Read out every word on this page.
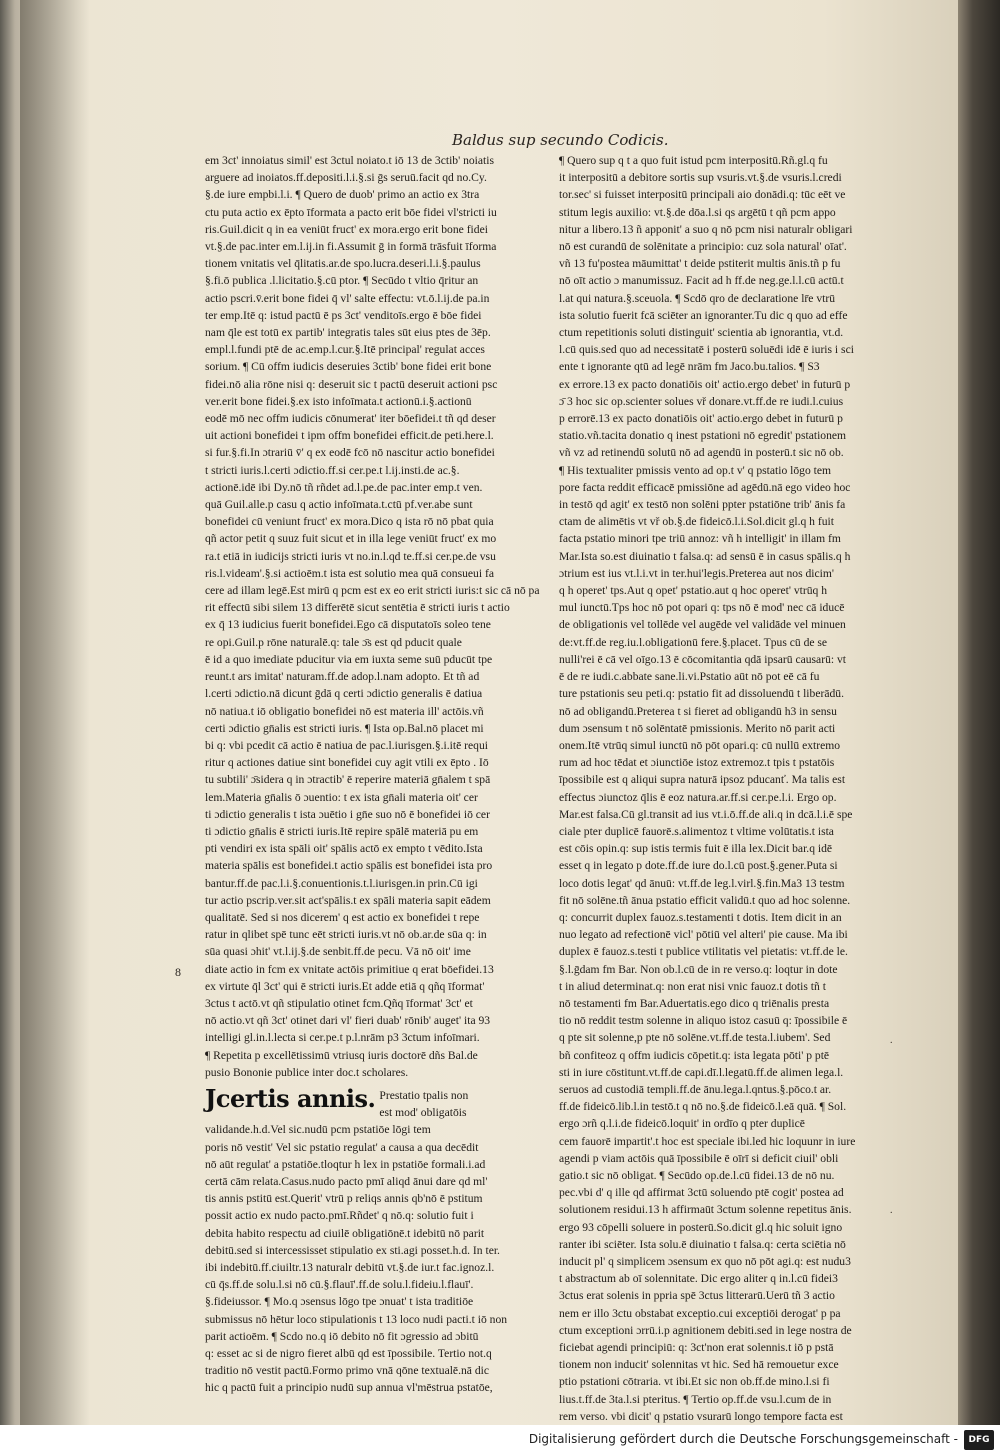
Baldus sup secundo Codicis.
em 3ct' innoiatus simil' est 3ctul noiato.t iō 13 de 3ctib' noiatis
arguere ad inoiatos.ff.depositi.l.i.§.si ḡs seruū.facit qd no.Cy.
§.de iure empbi.l.i. ¶ Quero de duob' primo an actio ex 3tra
ctu puta actio ex ēpto īformata a pacto erit bōe fidei vl'stricti iu
ris.Guil.dicit q in ea veniūt fruct' ex mora.ergo erit bone fidei
vt.§.de pac.inter em.l.ij.in fi.Assumit ḡ in formā trāsfuit īforma
tionem vnitatis vel q̄litatis.ar.de spo.lucra.deseri.l.i.§.paulus
§.fi.ō publica .l.licitatio.§.cū ptor. ¶ Secūdo t vltio q̄ritur an
actio pscri.v̄.erit bone fidei q̄ vl' salte effectu: vt.ō.l.ij.de pa.in
ter emp.Itē q: istud pactū ē ps 3ct' venditoīs.ergo ē bōe fidei
nam q̄le est totū ex partib' integratis tales sūt eius ptes de 3ēp.
empl.l.fundi ptē de ac.emp.l.cur.§.Itē principal' regulat acces
sorium. ¶ Cū offm iudicis deseruies 3ctib' bone fidei erit bone
fidei.nō alia rōne nisi q: deseruit sic t pactū deseruit actioni psc
ver.erit bone fidei.§.ex isto infoīmata.t actionū.i.§.actionū
eodē mō nec offm iudicis cōnumerat' iter bōefidei.t tñ qd deser
uit actioni bonefidei t ipm offm bonefidei efficit.de peti.here.l.
si fur.§.fi.In ɔtrariū v̄' q ex eodē fcō nō nascitur actio bonefidei
t stricti iuris.l.certi ɔdictio.ff.si cer.pe.t l.ij.insti.de ac.§.
actionē.idē ibi Dy.nō tñ rñdet ad.l.pe.de pac.inter emp.t ven.
quā Guil.alle.p casu q actio infoīmata.t.ctū pf.ver.abe sunt
bonefidei cū veniunt fruct' ex mora.Dico q ista rō nō pbat quia
qñ actor petit q suuz fuit sicut et in illa lege veniūt fruct' ex mo
ra.t etiā in iudicijs stricti iuris vt no.in.l.qd te.ff.si cer.pe.de vsu
ris.l.videam'.§.si actioēm.t ista est solutio mea quā consueui fa
cere ad illam legē.Est mirū q pcm est ex eo erit stricti iuris:t sic cā nō pa
rit effectū sibi silem 13 differētē sicut sentētia ē stricti iuris t actio
ex q̄ 13 iudicius fuerit bonefidei.Ego cā disputatoīs soleo tene
re opi.Guil.p rōne naturalē.q: tale ɔ̄s est qd pducit quale
ē id a quo imediate pducitur via em iuxta seme suū pducūt tpe
reunt.t ars imitat' naturam.ff.de adop.l.nam adopto. Et tñ ad
l.certi ɔdictio.nā dicunt ḡdā q certi ɔdictio generalis ē datiua
nō natiua.t iō obligatio bonefidei nō est materia ill' actōis.vñ
certi ɔdictio gn̄alis est stricti iuris. ¶ Ista op.Bal.nō placet mi
bi q: vbi pcedit cā actio ē natiua de pac.l.iurisgen.§.i.itē requi
ritur q actiones datiue sint bonefidei cuy agit vtili ex ēpto . Iō
tu subtili' ɔ̄sidera q in ɔtractib' ē reperire materiā gn̄alem t spā
lem.Materia gn̄alis ō ɔuentio: t ex ista gn̄ali materia oit' cer
ti ɔdictio generalis t ista ɔuētio i gn̄e suo nō ē bonefidei iō cer
ti ɔdictio gn̄alis ē stricti iuris.Itē repire spālē materiā pu em
pti vendiri ex ista spāli oit' spālis actō ex empto t vēdito.Ista
materia spālis est bonefidei.t actio spālis est bonefidei ista pro
bantur.ff.de pac.l.i.§.conuentionis.t.l.iurisgen.in prin.Cū igi
tur actio pscrip.ver.sit act'spālis.t ex spāli materia sapit eādem
qualitatē. Sed si nos dicerem' q est actio ex bonefidei t repe
ratur in qlibet spē tunc eēt stricti iuris.vt nō ob.ar.de sūa q: in
sūa quasi ɔhit' vt.l.ij.§.de senbit.ff.de pecu. Vā nō oit' ime
diate actio in fcm ex vnitate actōis primitiue q erat bōefidei.13
ex virtute q̄l 3ct' qui ē stricti iuris.Et adde etiā q qñq īformat'
3ctus t actō.vt qñ stipulatio otinet fcm.Qñq īformat' 3ct' et
nō actio.vt qñ 3ct' otinet dari vl' fieri duab' rōnib' auget' ita 93
intelligi gl.in.l.lecta si cer.pe.t p.l.nrām p3 3ctum infoīmari.
¶ Repetita p excellētissimū vtriusq iuris doctorē dñs Bal.de
pusio Bononie publice inter doc.t scholares.
Jcertis annis. Prestatio tpalis non
est mod' obligatōis
validande.h.d.Vel sic.nudū pcm pstatiōe lōgi tem
poris nō vestit' Vel sic pstatio regulat' a causa a qua decēdit
nō aūt regulat' a pstatiōe.tloqtur h lex in pstatiōe formali.i.ad
certā cām relata.Casus.nudo pacto pmī aliqd ānui dare qd ml'
tis annis pstitū est.Querit' vtrū p reliqs annis qb'nō ē pstitum
possit actio ex nudo pacto.pmī.Rñdet' q nō.q: solutio fuit i
debita habito respectu ad ciuilē obligatiōnē.t idebitū nō parit
debitū.sed si intercessisset stipulatio ex sti.agi posset.h.d. In ter.
ibi indebitū.ff.ciuiltr.13 naturalr debitū vt.§.de iur.t fac.ignoz.l.
cū q̄s.ff.de solu.l.si nō cū.§.flauī'.ff.de solu.l.fideiu.l.flauī'.
§.fideiussor. ¶ Mo.q ɔsensus lōgo tpe ɔnuat' t ista traditiōe
submissus nō hētur loco stipulationis t 13 loco nudi pacti.t iō non
parit actioēm. ¶ Scdo no.q iō debito nō fit ɔgressio ad ɔbitū
q: esset ac si de nigro fieret albū qd est īpossibile. Tertio not.q
traditio nō vestit pactū.Formo primo vnā qōne textualē.nā dic
hic q pactū fuit a principio nudū sup annua vl'mēstrua pstatōe,
¶ Quero sup q t a quo fuit istud pcm interpositū.Rñ.gl.q fu
it interpositū a debitore sortis sup vsuris.vt.§.de vsuris.l.credi
tor.sec' si fuisset interpositū principali aio donādi.q: tūc eēt ve
stitum legis auxilio: vt.§.de dōa.l.si qs argētū t qñ pcm appo
nitur a libero.13 ñ apponit' a suo q nō pcm nisi naturalr obligari
nō est curandū de solēnitate a principio: cuz sola natural' oīat'.
vñ 13 fu'postea māumittat' t deide pstiterit multis ānis.tñ p fu
nō oīt actio ɔ manumissuz. Facit ad h ff.de neg.ge.l.l.cū actū.t
l.at qui natura.§.sceuola. ¶ Scdō qro de declaratione lr̄e vtrū
ista solutio fuerit fcā sciēter an ignoranter.Tu dic q quo ad effe
ctum repetitionis soluti distinguit' scientia ab ignorantia, vt.d.
l.cū quis.sed quo ad necessitatē i posterū soluēdi idē ē iuris i sci
ente t ignorante qtū ad legē nrām fm Jaco.bu.talios. ¶ S3
ex errore.13 ex pacto donatiōis oit' actio.ergo debet' in futurū p
ɔ̄ 3 hoc sic op.scienter solues vř donare.vt.ff.de re iudi.l.cuius
p errorē.13 ex pacto donatiōis oit' actio.ergo debet in futurū p
statio.vñ.tacita donatio q inest pstationi nō egredit' pstationem
vñ vz ad retinendū solutū nō ad agendū in posterū.t sic nō ob.
¶ His textualiter pmissis vento ad op.t v' q pstatio lōgo tem
pore facta reddit efficacē pmissiōne ad agēdū.nā ego video hoc
in testō qd agit' ex testō non solēni ppter pstatiōne trib' ānis fa
ctam de alimētis vt vř ob.§.de fideicō.l.i.Sol.dicit gl.q h fuit
facta pstatio minori tpe triū annoz: vñ h intelligit' in illam fm
Mar.Ista so.est diuinatio t falsa.q: ad sensū ē in casus spālis.q h
ɔtrium est ius vt.l.i.vt in ter.hui'legis.Preterea aut nos dicim'
q h operet' tps.Aut q opet' pstatio.aut q hoc operet' vtrūq h
mul iunctū.Tps hoc nō pot opari q: tps nō ē mod' nec cā iducē
de obligationis vel tollēde vel augēde vel validāde vel minuen
de:vt.ff.de reg.iu.l.obligationū fere.§.placet. Tpus cū de se
nulli'rei ē cā vel oīgo.13 ē cōcomitantia qdā ipsarū causarū: vt
ē de re iudi.c.abbate sane.li.vi.Pstatio aūt nō pot eē cā fu
ture pstationis seu peti.q: pstatio fit ad dissoluendū t liberādū.
nō ad obligandū.Preterea t si fieret ad obligandū h3 in sensu
dum ɔsensum t nō solēntatē pmissionis. Merito nō parit acti
onem.Itē vtrūq simul iunctū nō pōt opari.q: cū nullū extremo
rum ad hoc tēdat et ɔiunctiōe istoz extremoz.t tpis t pstatōis
īpossibile est q aliqui supra naturā ipsoz pducanť. Ma talis est
effectus ɔiunctoz q̄lis ē eoz natura.ar.ff.si cer.pe.l.i. Ergo op.
Mar.est falsa.Cū gl.transit ad ius vt.i.ō.ff.de ali.q in dcā.l.i.ē spe
ciale pter duplicē fauorē.s.alimentoz t vltime volūtatis.t ista
est cōis opin.q: sup istis termis fuit ē illa lex.Dicit bar.q idē
esset q in legato p dote.ff.de iure do.l.cū post.§.gener.Puta si
loco dotis legat' qd ānuū: vt.ff.de leg.l.virl.§.fin.Ma3 13 testm
fit nō solēne.tñ ānua pstatio efficit validū.t quo ad hoc solenne.
q: concurrit duplex fauoz.s.testamenti t dotis. Item dicit in an
nuo legato ad refectionē vicl' pōtiū vel alteri' pie cause. Ma ibi
duplex ē fauoz.s.testi t publice vtilitatis vel pietatis: vt.ff.de le.
§.l.ḡdam fm Bar. Non ob.l.cū de in re verso.q: loqtur in dote
t in aliud determinat.q: non erat nisi vnic fauoz.t dotis tñ t
nō testamenti fm Bar.Aduertatis.ego dico q triēnalis presta
tio nō reddit testm solenne in aliquo istoz casuū q: īpossibile ē
q pte sit solenne,p pte nō solēne.vt.ff.de testa.l.iubem'. Sed
bñ confiteoz q offm iudicis cōpetit.q: ista legata pōti' p ptē
sti in iure cōstitunt.vt.ff.de capi.dī.l.legatū.ff.de alimen lega.l.
seruos ad custodiā templi.ff.de ānu.lega.l.qntus.§.pōco.t ar.
ff.de fideicō.lib.l.in testō.t q nō no.§.de fideicō.l.eā quā. ¶ Sol.
ergo ɔrñ q.l.i.de fideicō.loquit' in ordīo q pter duplicē
cem fauorē impartit'.t hoc est speciale ibi.led hic loquunr in iure
agendi p viam actōis quā īpossibile ē oīrī si deficit ciuil' obli
gatio.t sic nō obligat. ¶ Secūdo op.de.l.cū fidei.13 de nō nu.
pec.vbi d' q ille qd affirmat 3ctū soluendo ptē cogit' postea ad
solutionem residui.13 h affirmaūt 3ctum solenne repetitus ānis.
ergo 93 cōpelli soluere in posterū.So.dicit gl.q hic soluit igno
ranter ibi sciēter. Ista solu.ē diuinatio t falsa.q: certa sciētia nō
inducit pl' q simplicem ɔsensum ex quo nō pōt agi.q: est nudu3
t abstractum ab oī solennitate. Dic ergo aliter q in.l.cū fidei3
3ctus erat solenis in ppria spē 3ctus litterarū.Uerū tñ 3 actio
nem er illo 3ctu obstabat exceptio.cui exceptiōi derogat' p pa
ctum exceptioni ɔrrū.i.p agnitionem debiti.sed in lege nostra de
ficiebat agendi principiū: q: 3ct'non erat solennis.t iō p pstā
tionem non inducit' solennitas vt hic. Sed hā remouetur exce
ptio pstationi cōtraria. vt ibi.Et sic non ob.ff.de mino.l.si fi
lius.t.ff.de 3ta.l.si pteritus. ¶ Tertio op.ff.de vsu.l.cum de in
rem verso. vbi dicit' q pstatio vsurarū longo tempore facta est
8
.
.
Digitalisierung gefördert durch die Deutsche Forschungsgemeinschaft -	DFG
